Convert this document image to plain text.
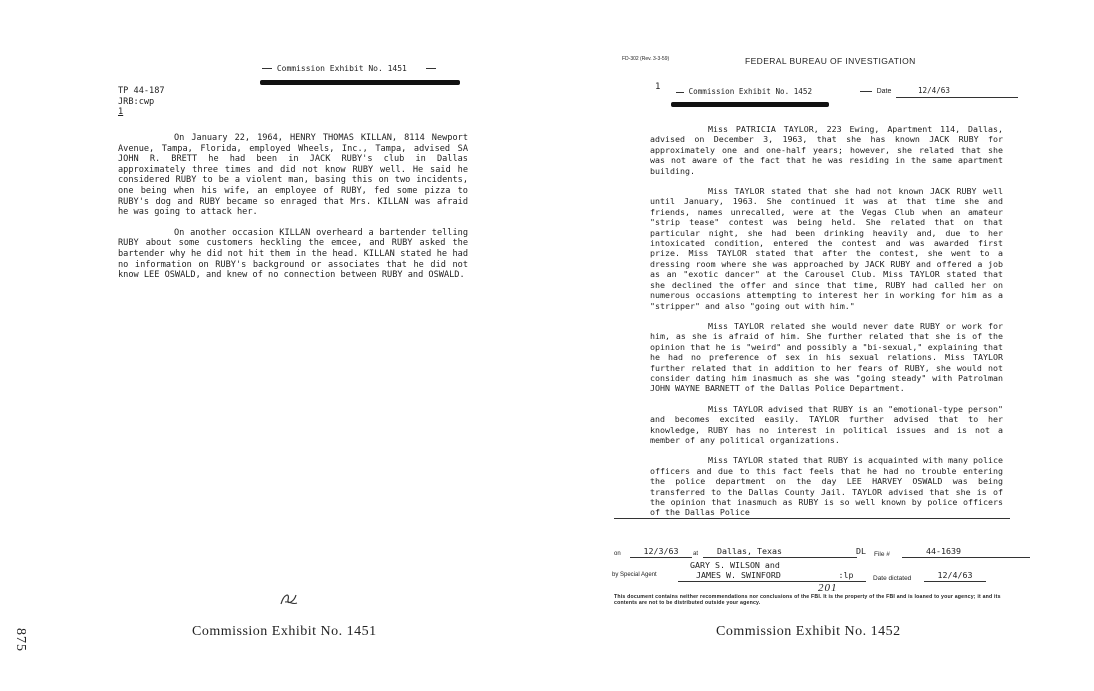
Commission Exhibit No. 1451
TP 44-187
JRB:cwp
1

On January 22, 1964, HENRY THOMAS KILLAN, 8114 Newport Avenue, Tampa, Florida, employed Wheels, Inc., Tampa, advised SA JOHN R. BRETT he had been in JACK RUBY's club in Dallas approximately three times and did not know RUBY well. He said he considered RUBY to be a violent man, basing this on two incidents, one being when his wife, an employee of RUBY, fed some pizza to RUBY's dog and RUBY became so enraged that Mrs. KILLAN was afraid he was going to attack her.

On another occasion KILLAN overheard a bartender telling RUBY about some customers heckling the emcee, and RUBY asked the bartender why he did not hit them in the head. KILLAN stated he had no information on RUBY's background or associates that he did not know LEE OSWALD, and knew of no connection between RUBY and OSWALD.

Commission Exhibit No. 1451
875
FD-302 (Rev. 3-3-59)	FEDERAL BUREAU OF INVESTIGATION
1	Commission Exhibit No. 1452	Date	12/4/63

Miss PATRICIA TAYLOR, 223 Ewing, Apartment 114, Dallas, advised on December 3, 1963, that she has known JACK RUBY for approximately one and one-half years; however, she related that she was not aware of the fact that he was residing in the same apartment building.

Miss TAYLOR stated that she had not known JACK RUBY well until January, 1963. She continued it was at that time she and friends, names unrecalled, were at the Vegas Club when an amateur "strip tease" contest was being held. She related that on that particular night, she had been drinking heavily and, due to her intoxicated condition, entered the contest and was awarded first prize. Miss TAYLOR stated that after the contest, she went to a dressing room where she was approached by JACK RUBY and offered a job as an "exotic dancer" at the Carousel Club. Miss TAYLOR stated that she declined the offer and since that time, RUBY had called her on numerous occasions attempting to interest her in working for him as a "stripper" and also "going out with him."

Miss TAYLOR related she would never date RUBY or work for him, as she is afraid of him. She further related that she is of the opinion that he is "weird" and possibly a "bi-sexual," explaining that he had no preference of sex in his sexual relations. Miss TAYLOR further related that in addition to her fears of RUBY, she would not consider dating him inasmuch as she was "going steady" with Patrolman JOHN WAYNE BARNETT of the Dallas Police Department.

Miss TAYLOR advised that RUBY is an "emotional-type person" and becomes excited easily. TAYLOR further advised that to her knowledge, RUBY has no interest in political issues and is not a member of any political organizations.

Miss TAYLOR stated that RUBY is acquainted with many police officers and due to this fact feels that he had no trouble entering the police department on the day LEE HARVEY OSWALD was being transferred to the Dallas County Jail. TAYLOR advised that she is of the opinion that inasmuch as RUBY is so well known by police officers of the Dallas Police

on	12/3/63	at	Dallas, Texas	DL File #	44-1639
GARY S. WILSON and
by Special Agent	JAMES W. SWINFORD	:lp	Date dictated	12/4/63
201
This document contains neither recommendations nor conclusions of the FBI. It is the property of the FBI and is loaned to your agency; it and its contents are not to be distributed outside your agency.
Commission Exhibit No. 1452
